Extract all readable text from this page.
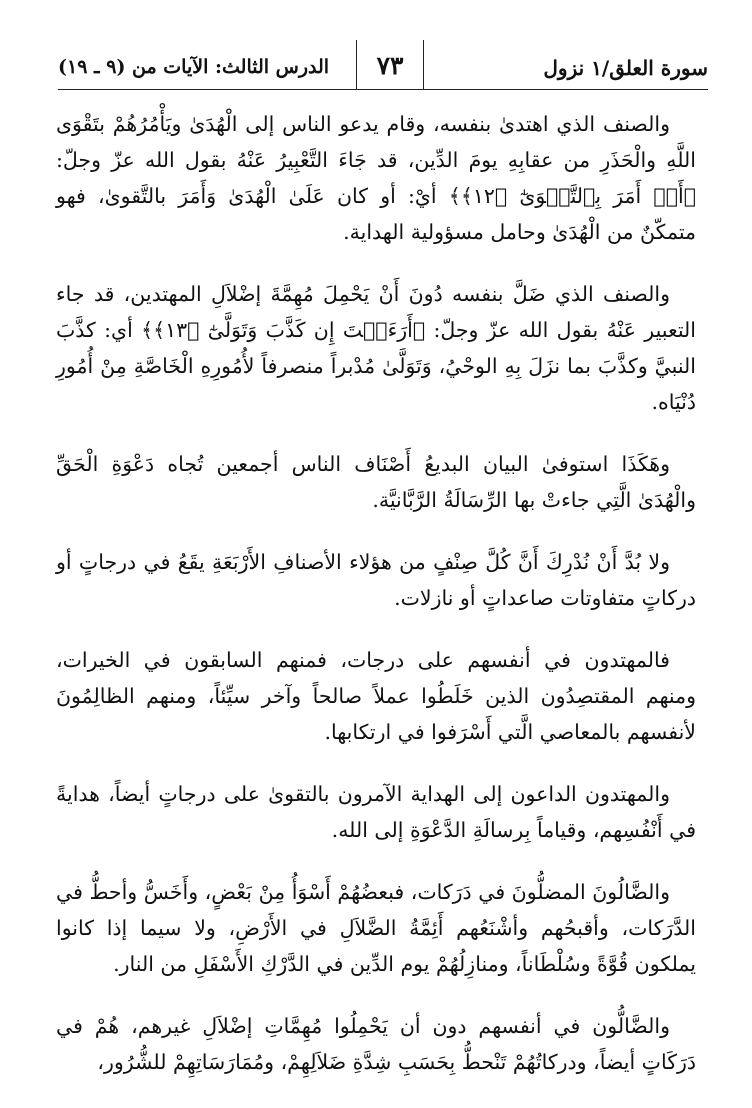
سورة العلق/١ نزول
٧٣
الدرس الثالث: الآيات من (٩ ـ ١٩)

والصنف الذي اهتدىٰ بنفسه، وقام يدعو الناس إلى الْهُدَىٰ ويَأْمُرُهُمْ بتَقْوَى اللَّهِ والْحَذَرِ من عقابِهِ يومَ الدِّين، قد جَاءَ التَّعْبِيرُ عَنْهُ بقول الله عزّ وجلّ: ﴿أَوۡ أَمَرَ بِٱلتَّقۡوَىٰٓ ﴿١٢﴾﴾ أيْ: أو كان عَلَىٰ الْهُدَىٰ وَأَمَرَ بالتَّقوىٰ، فهو متمكّنٌ من الْهُدَىٰ وحامل مسؤولية الهداية.

والصنف الذي ضَلَّ بنفسه دُونَ أَنْ يَحْمِلَ مُهِمَّةَ إضْلاَلِ المهتدين، قد جاء التعبير عَنْهُ بقول الله عزّ وجلّ: ﴿أَرَءَيۡتَ إِن كَذَّبَ وَتَوَلَّىٰٓ ﴿١٣﴾﴾ أي: كذَّبَ النبيَّ وكذَّبَ بما نزَلَ بِهِ الوحْيُ، وَتَوَلَّىٰ مُدْبراً منصرفاً لأُمُورِهِ الْخَاصَّةِ مِنْ أُمُورِ دُنْيَاه.

وهَكَذَا استوفىٰ البيان البديعُ أَصْنَاف الناس أجمعين تُجاه دَعْوَةِ الْحَقِّ والْهُدَىٰ الَّتِي جاءتْ بها الرِّسَالَةُ الرَّبَّانيَّة.

ولا بُدَّ أَنْ نُدْرِكَ أَنَّ كُلَّ صِنْفٍ من هؤلاء الأصنافِ الأَرْبَعَةِ يقَعُ في درجاتٍ أو دركاتٍ متفاوتات صاعداتٍ أو نازلات.

فالمهتدون في أنفسهم على درجات، فمنهم السابقون في الخيرات، ومنهم المقتصِدُون الذين خَلَطُوا عملاً صالحاً وآخر سيِّئاً، ومنهم الظالِمُونَ لأنفسهم بالمعاصي الَّتي أَسْرَفوا في ارتكابها.

والمهتدون الداعون إلى الهداية الآمرون بالتقوىٰ على درجاتٍ أيضاً، هدايةً في أَنْفُسِهم، وقياماً بِرسالَةِ الدَّعْوَةِ إلى الله.

والضَّالُونَ المضلُّونَ في دَرَكات، فبعضُهُمْ أَسْوَأُ مِنْ بَعْضٍ، وأَخَسُّ وأحطُّ في الدَّرَكات، وأقبحُهم وأشْنَعُهم أَئِمَّةُ الضَّلاَلِ في الأَرْضِ، ولا سيما إذا كانوا يملكون قُوَّةً وسُلْطَاناً، ومنازِلُهُمْ يوم الدِّين في الدَّرْكِ الأَسْفَلِ من النار.

والضَّالُّون في أنفسهم دون أن يَحْمِلُوا مُهِمَّاتِ إضْلاَلِ غيرهم، هُمْ في دَرَكَاتٍ أيضاً، ودركاتُهُمْ تَنْحطُّ بِحَسَبِ شِدَّةِ ضَلاَلِهِمْ، ومُمَارَسَاتِهِمْ للشُّرُور،
